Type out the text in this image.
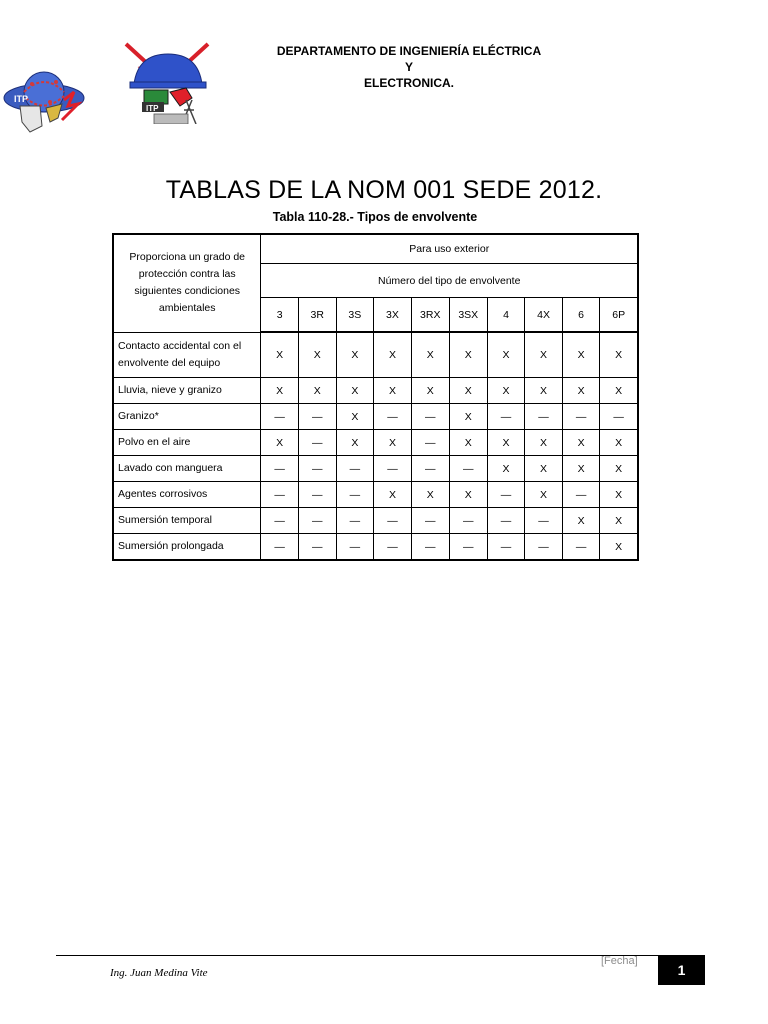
ITP
ITP
DEPARTAMENTO DE INGENIERÍA ELÉCTRICA
Y
ELECTRONICA.
TABLAS DE LA NOM 001 SEDE 2012.
Tabla 110-28.- Tipos de envolvente
Proporciona un grado de protección contra las siguientes condiciones ambientales	Para uso exterior									
	Número del tipo de envolvente									
	3	3R	3S	3X	3RX	3SX	4	4X	6	6P
Contacto accidental con el envolvente del equipo	X	X	X	X	X	X	X	X	X	X
Lluvia, nieve y granizo	X	X	X	X	X	X	X	X	X	X
Granizo*	—	—	X	—	—	X	—	—	—	—
Polvo en el aire	X	—	X	X	—	X	X	X	X	X
Lavado con manguera	—	—	—	—	—	—	X	X	X	X
Agentes corrosivos	—	—	—	X	X	X	—	X	—	X
Sumersión temporal	—	—	—	—	—	—	—	—	X	X
Sumersión prolongada	—	—	—	—	—	—	—	—	—	X
Ing. Juan Medina Vite
[Fecha]
1
